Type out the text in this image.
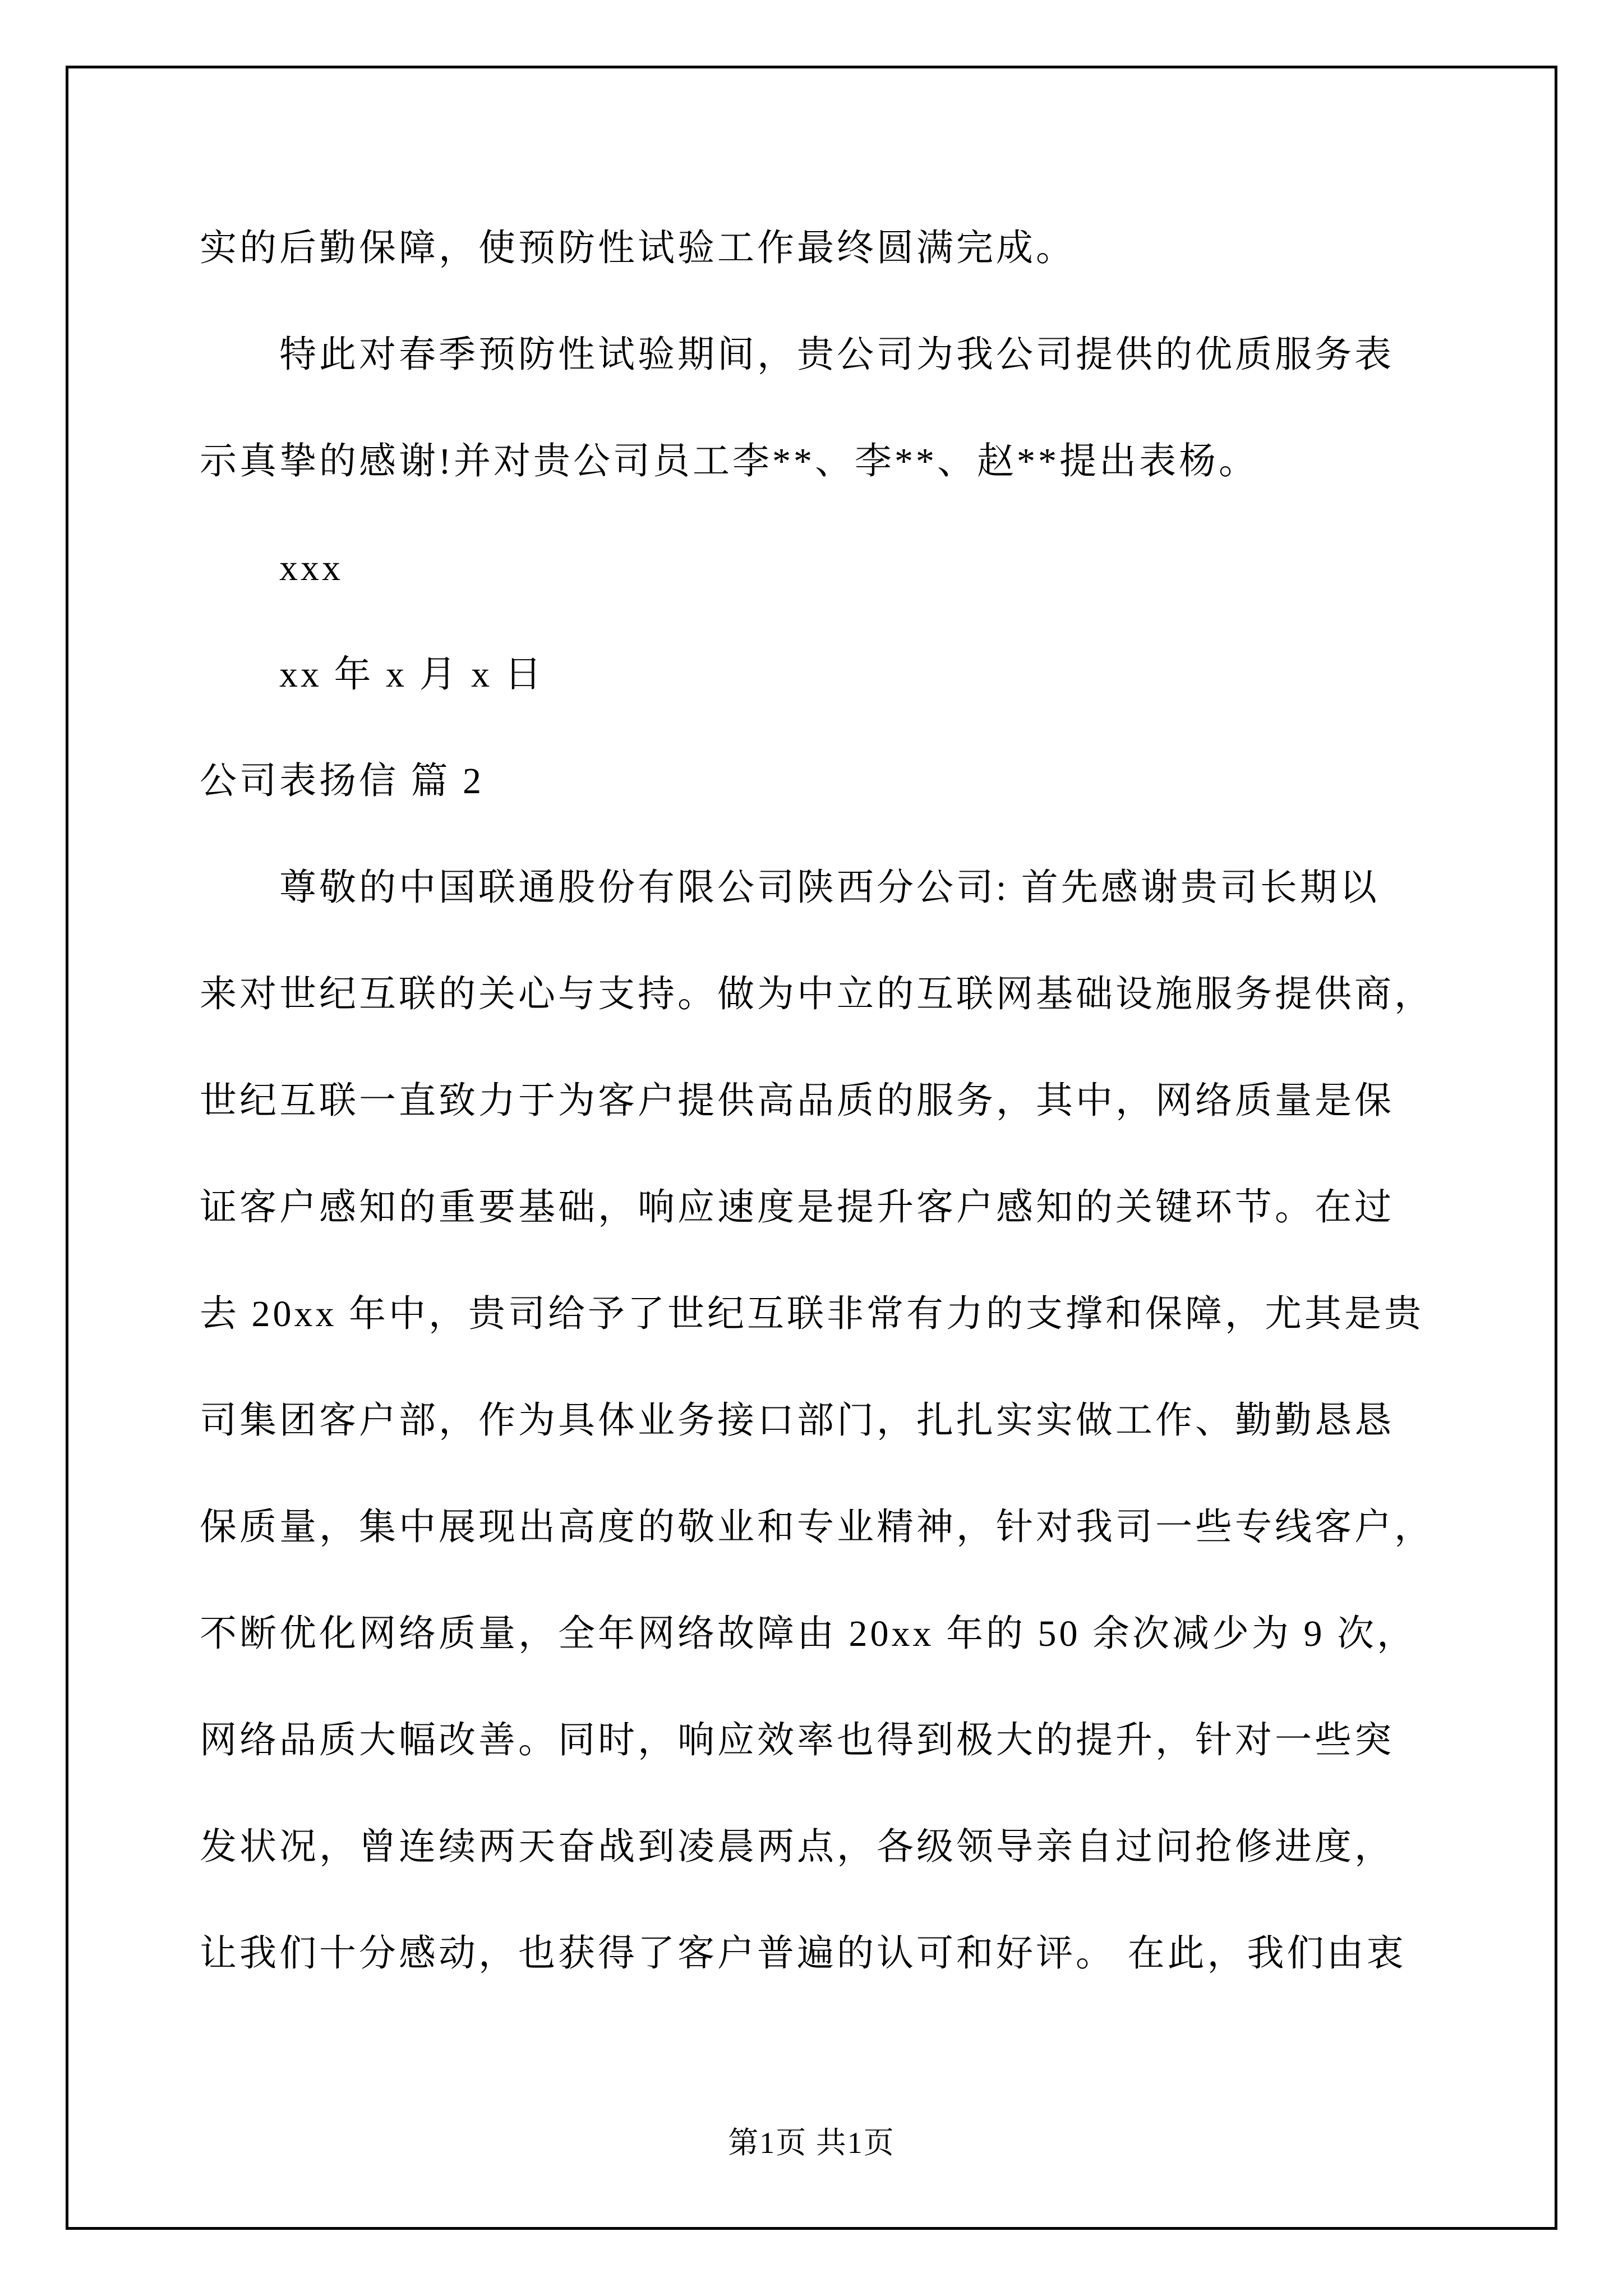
实的后勤保障，使预防性试验工作最终圆满完成。
特此对春季预防性试验期间，贵公司为我公司提供的优质服务表
示真挚的感谢!并对贵公司员工李**、李**、赵**提出表杨。
xxx
xx 年 x 月 x 日
公司表扬信 篇 2
尊敬的中国联通股份有限公司陕西分公司: 首先感谢贵司长期以
来对世纪互联的关心与支持。做为中立的互联网基础设施服务提供商，
世纪互联一直致力于为客户提供高品质的服务，其中，网络质量是保
证客户感知的重要基础，响应速度是提升客户感知的关键环节。在过
去 20xx 年中，贵司给予了世纪互联非常有力的支撑和保障，尤其是贵
司集团客户部，作为具体业务接口部门，扎扎实实做工作、勤勤恳恳
保质量，集中展现出高度的敬业和专业精神，针对我司一些专线客户，
不断优化网络质量，全年网络故障由 20xx 年的 50 余次减少为 9 次，
网络品质大幅改善。同时，响应效率也得到极大的提升，针对一些突
发状况，曾连续两天奋战到凌晨两点，各级领导亲自过问抢修进度，
让我们十分感动，也获得了客户普遍的认可和好评。 在此，我们由衷
第1页 共1页
